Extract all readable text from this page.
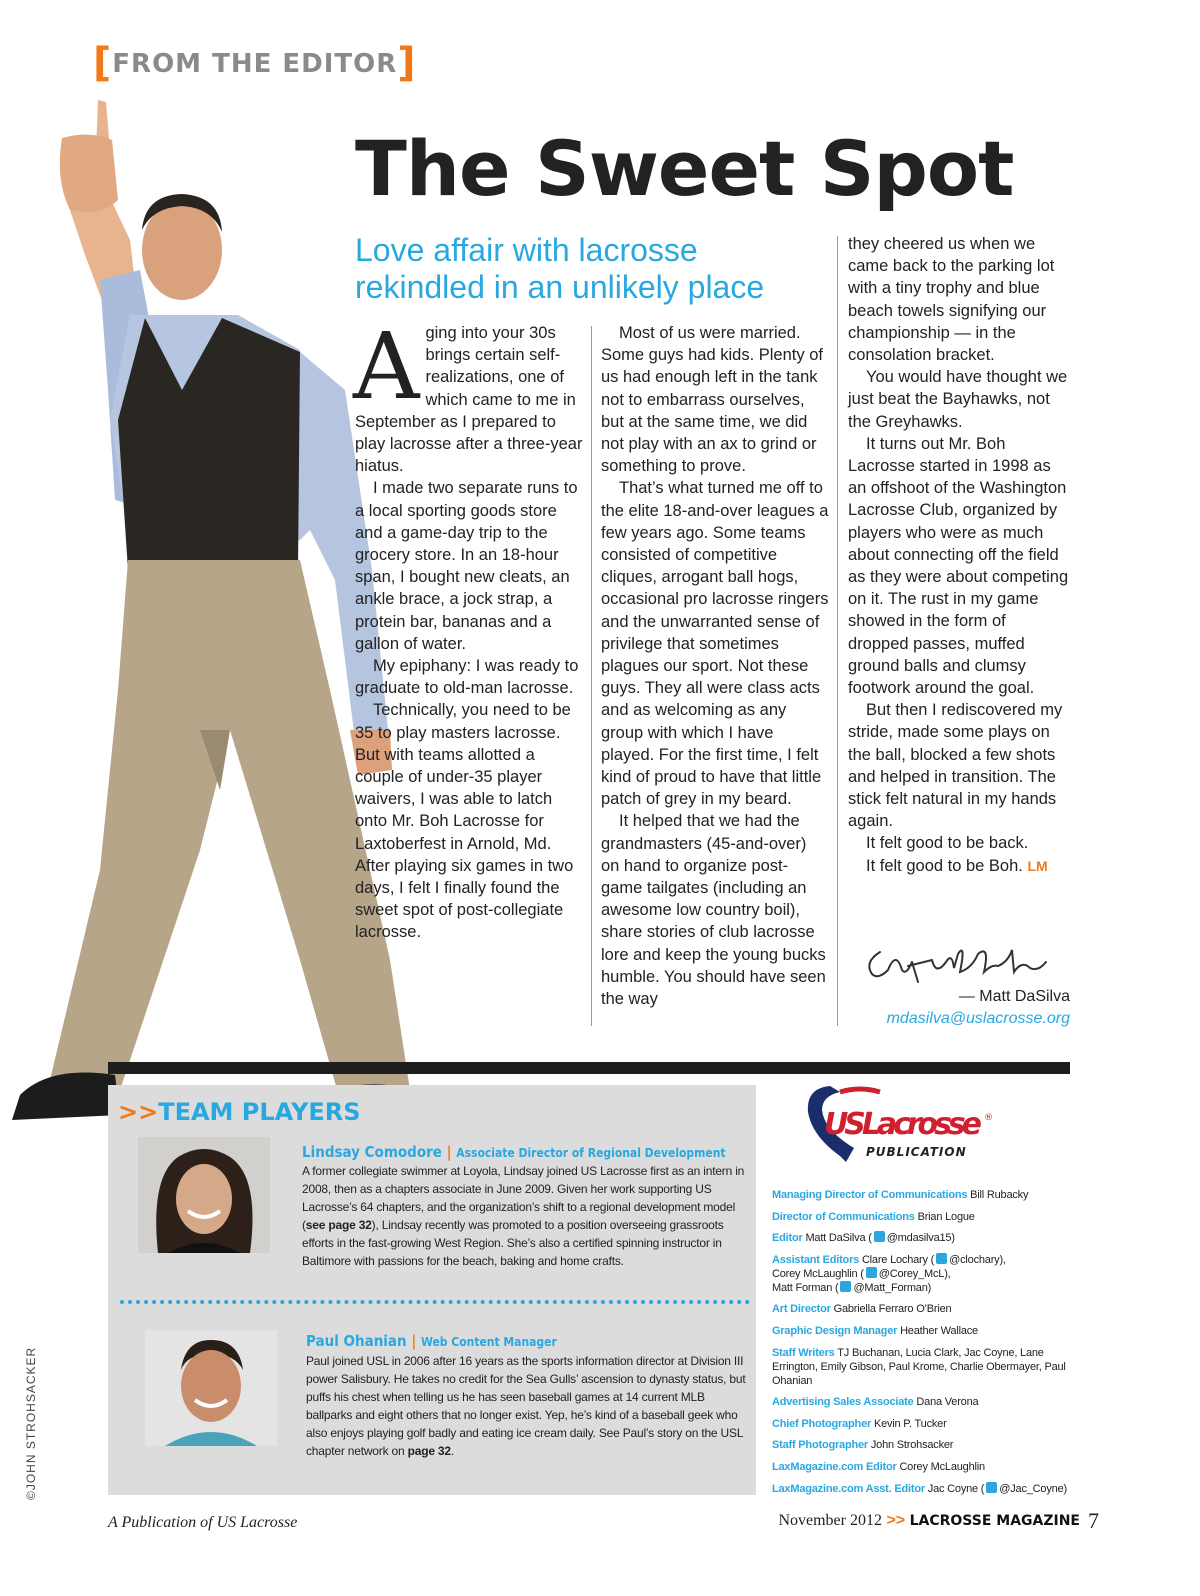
[FROM THE EDITOR]
The Sweet Spot
Love affair with lacrosse rekindled in an unlikely place
A ging into your 30s brings certain self-realizations, one of which came to me in September as I prepared to play lacrosse after a three-year hiatus.

I made two separate runs to a local sporting goods store and a game-day trip to the grocery store. In an 18-hour span, I bought new cleats, an ankle brace, a jock strap, a protein bar, bananas and a gallon of water.

My epiphany: I was ready to graduate to old-man lacrosse.

Technically, you need to be 35 to play masters lacrosse. But with teams allotted a couple of under-35 player waivers, I was able to latch onto Mr. Boh Lacrosse for Laxtoberfest in Arnold, Md. After playing six games in two days, I felt I finally found the sweet spot of post-collegiate lacrosse.

Most of us were married. Some guys had kids. Plenty of us had enough left in the tank not to embarrass ourselves, but at the same time, we did not play with an ax to grind or something to prove.

That’s what turned me off to the elite 18-and-over leagues a few years ago. Some teams consisted of competitive cliques, arrogant ball hogs, occasional pro lacrosse ringers and the unwarranted sense of privilege that sometimes plagues our sport. Not these guys. They all were class acts and as welcoming as any group with which I have played. For the first time, I felt kind of proud to have that little patch of grey in my beard.

It helped that we had the grandmasters (45-and-over) on hand to organize post-game tailgates (including an awesome low country boil), share stories of club lacrosse lore and keep the young bucks humble. You should have seen the way

they cheered us when we came back to the parking lot with a tiny trophy and blue beach towels signifying our championship — in the consolation bracket.

You would have thought we just beat the Bayhawks, not the Greyhawks.

It turns out Mr. Boh Lacrosse started in 1998 as an offshoot of the Washington Lacrosse Club, organized by players who were as much about connecting off the field as they were about competing on it. The rust in my game showed in the form of dropped passes, muffed ground balls and clumsy footwork around the goal.

But then I rediscovered my stride, made some plays on the ball, blocked a few shots and helped in transition. The stick felt natural in my hands again.

It felt good to be back.

It felt good to be Boh. LM

— Matt DaSilva
mdasilva@uslacrosse.org
>>TEAM PLAYERS
Lindsay Comodore | Associate Director of Regional Development
A former collegiate swimmer at Loyola, Lindsay joined US Lacrosse first as an intern in 2008, then as a chapters associate in June 2009. Given her work supporting US Lacrosse’s 64 chapters, and the organization’s shift to a regional development model (see page 32), Lindsay recently was promoted to a position overseeing grassroots efforts in the fast-growing West Region. She’s also a certified spinning instructor in Baltimore with passions for the beach, baking and home crafts.
Paul Ohanian | Web Content Manager
Paul joined USL in 2006 after 16 years as the sports information director at Division III power Salisbury. He takes no credit for the Sea Gulls’ ascension to dynasty status, but puffs his chest when telling us he has seen baseball games at 14 current MLB ballparks and eight others that no longer exist. Yep, he’s kind of a baseball geek who also enjoys playing golf badly and eating ice cream daily. See Paul’s story on the USL chapter network on page 32.
USLacrosse ®
PUBLICATION
Managing Director of Communications Bill Rubacky
Director of Communications Brian Logue
Editor Matt DaSilva ( @mdasilva15)
Assistant Editors Clare Lochary ( @clochary),
Corey McLaughlin ( @Corey_McL),
Matt Forman ( @Matt_Forman)
Art Director Gabriella Ferraro O’Brien
Graphic Design Manager Heather Wallace
Staff Writers TJ Buchanan, Lucia Clark, Jac Coyne, Lane Errington, Emily Gibson, Paul Krome, Charlie Obermayer, Paul Ohanian
Advertising Sales Associate Dana Verona
Chief Photographer Kevin P. Tucker
Staff Photographer John Strohsacker
LaxMagazine.com Editor Corey McLaughlin
LaxMagazine.com Asst. Editor Jac Coyne ( @Jac_Coyne)
©JOHN STROHSACKER
A Publication of US Lacrosse	November 2012 >> LACROSSE MAGAZINE 7
